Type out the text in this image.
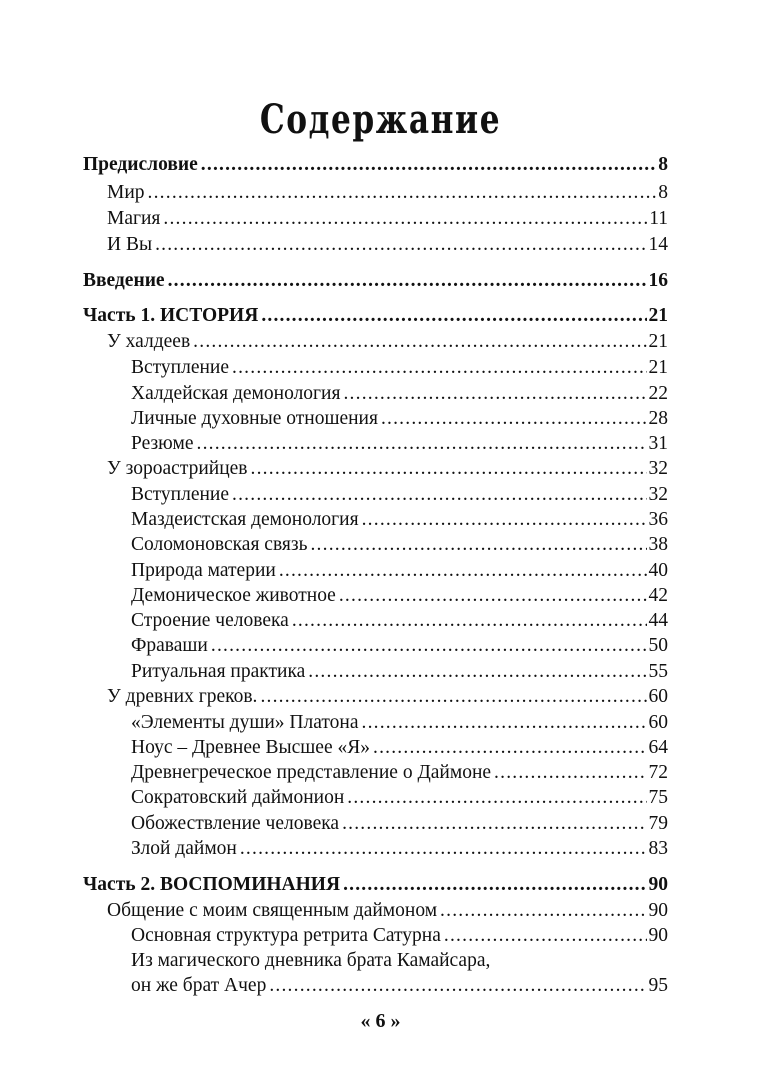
Содержание
Предисловие .....	8
Мир .....	8
Магия .....	11
И Вы .....	14
Введение .....	16
Часть 1. ИСТОРИЯ .....	21
У халдеев .....	21
Вступление .....	21
Халдейская демонология .....	22
Личные духовные отношения .....	28
Резюме .....	31
У зороастрийцев .....	32
Вступление .....	32
Маздеистская демонология .....	36
Соломоновская связь .....	38
Природа материи .....	40
Демоническое животное .....	42
Строение человека .....	44
Фраваши .....	50
Ритуальная практика .....	55
У древних греков. .....	60
«Элементы души» Платона .....	60
Ноус – Древнее Высшее «Я» .....	64
Древнегреческое представление о Даймоне .....	72
Сократовский даймонион .....	75
Обожествление человека .....	79
Злой даймон .....	83
Часть 2. ВОСПОМИНАНИЯ .....	90
Общение с моим священным даймоном .....	90
Основная структура ретрита Сатурна .....	90
Из магического дневника брата Камайсара,
он же брат Ачер .....	95
« 6 »
